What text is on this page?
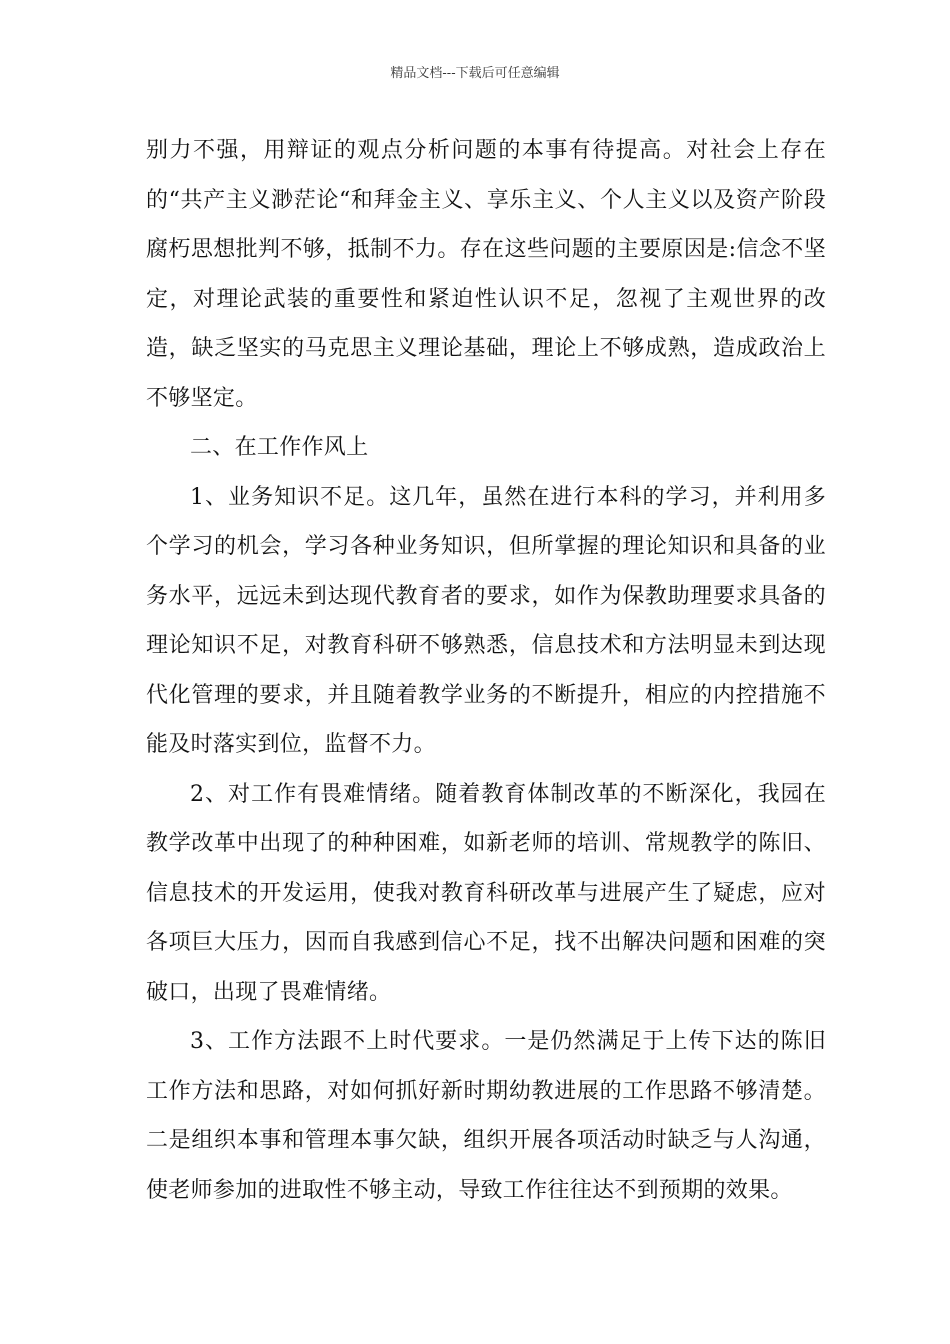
精品文档---下载后可任意编辑

别力不强，用辩证的观点分析问题的本事有待提高。对社会上存在的“共产主义渺茫论“和拜金主义、享乐主义、个人主义以及资产阶段腐朽思想批判不够，抵制不力。存在这些问题的主要原因是:信念不坚定，对理论武装的重要性和紧迫性认识不足，忽视了主观世界的改造，缺乏坚实的马克思主义理论基础，理论上不够成熟，造成政治上不够坚定。

二、在工作作风上

1、业务知识不足。这几年，虽然在进行本科的学习，并利用多个学习的机会，学习各种业务知识，但所掌握的理论知识和具备的业务水平，远远未到达现代教育者的要求，如作为保教助理要求具备的理论知识不足，对教育科研不够熟悉，信息技术和方法明显未到达现代化管理的要求，并且随着教学业务的不断提升，相应的内控措施不能及时落实到位，监督不力。

2、对工作有畏难情绪。随着教育体制改革的不断深化，我园在教学改革中出现了的种种困难，如新老师的培训、常规教学的陈旧、信息技术的开发运用，使我对教育科研改革与进展产生了疑虑，应对各项巨大压力，因而自我感到信心不足，找不出解决问题和困难的突破口，出现了畏难情绪。

3、工作方法跟不上时代要求。一是仍然满足于上传下达的陈旧工作方法和思路，对如何抓好新时期幼教进展的工作思路不够清楚。二是组织本事和管理本事欠缺，组织开展各项活动时缺乏与人沟通，使老师参加的进取性不够主动，导致工作往往达不到预期的效果。
